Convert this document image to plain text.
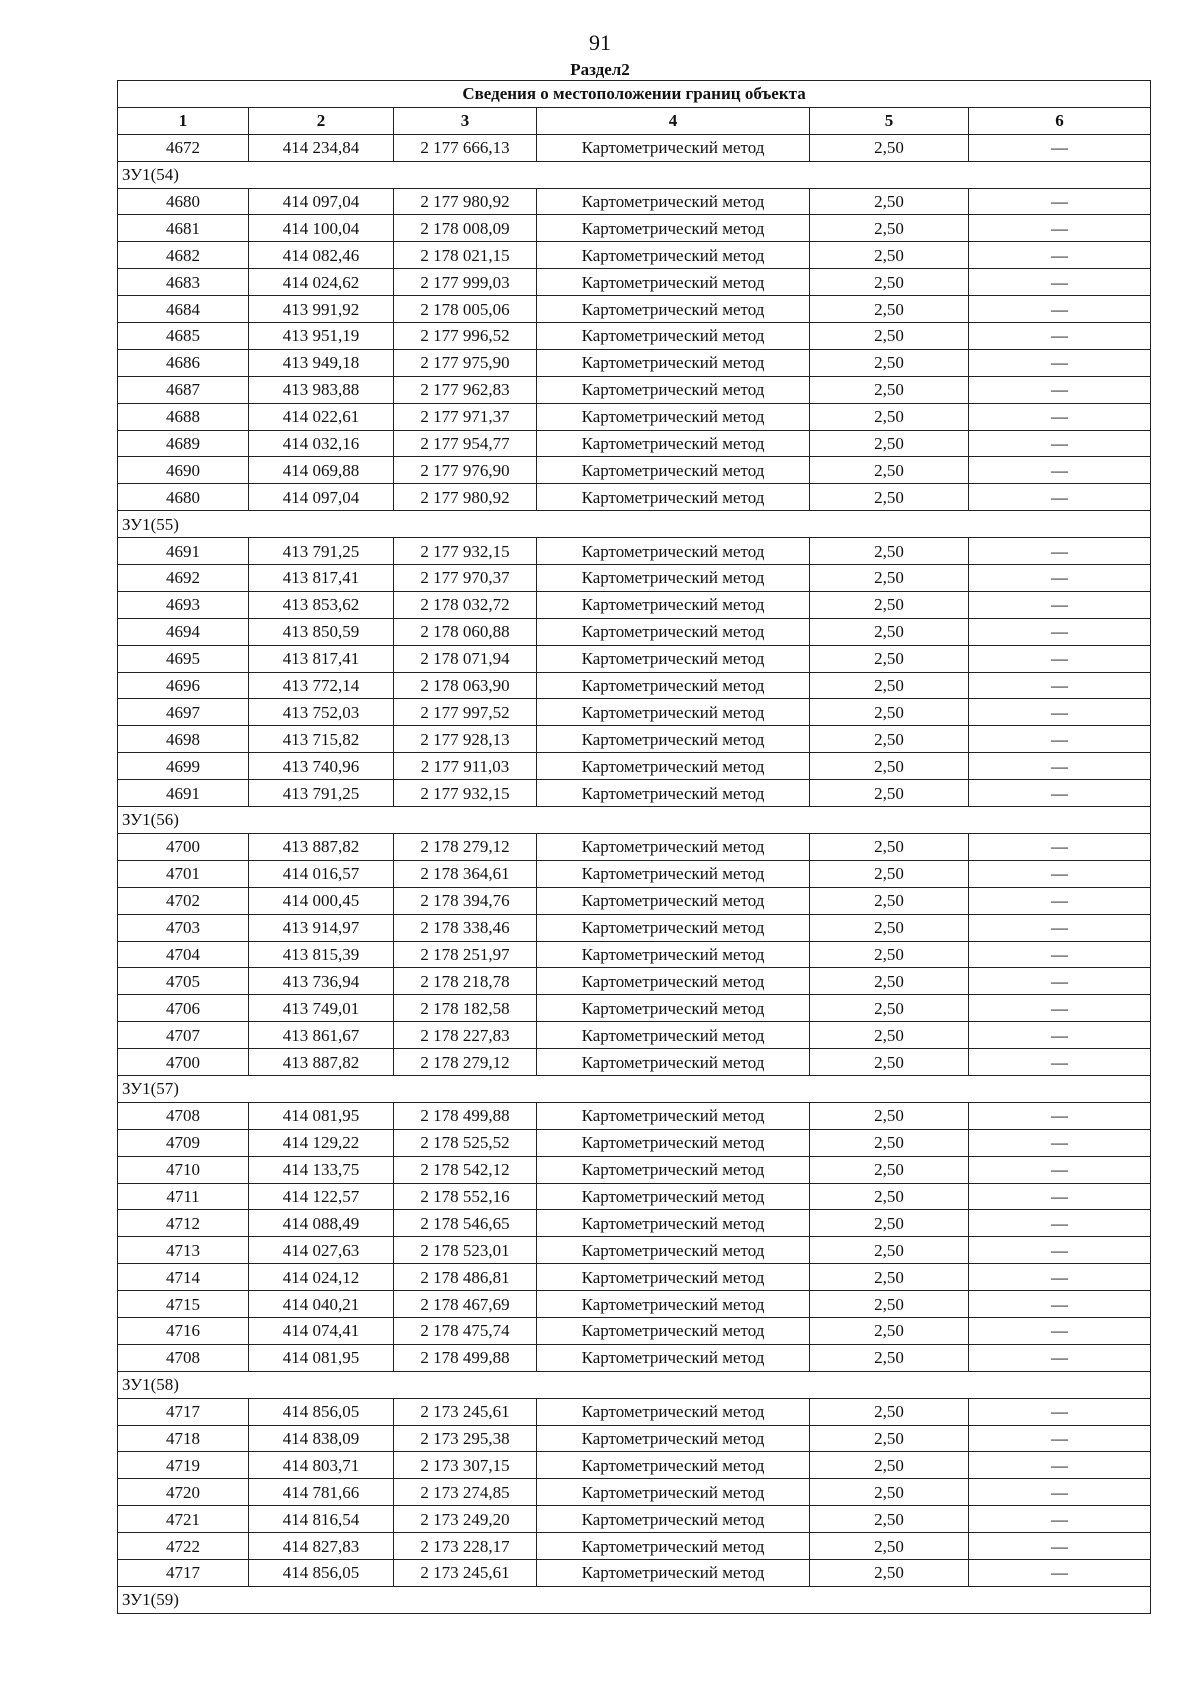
91
Раздел2
Сведения о местоположении границ объекта					
1	2	3	4	5	6
4672	414 234,84	2 177 666,13	Картометрический метод	2,50	—
ЗУ1(54)					
4680	414 097,04	2 177 980,92	Картометрический метод	2,50	—
4681	414 100,04	2 178 008,09	Картометрический метод	2,50	—
4682	414 082,46	2 178 021,15	Картометрический метод	2,50	—
4683	414 024,62	2 177 999,03	Картометрический метод	2,50	—
4684	413 991,92	2 178 005,06	Картометрический метод	2,50	—
4685	413 951,19	2 177 996,52	Картометрический метод	2,50	—
4686	413 949,18	2 177 975,90	Картометрический метод	2,50	—
4687	413 983,88	2 177 962,83	Картометрический метод	2,50	—
4688	414 022,61	2 177 971,37	Картометрический метод	2,50	—
4689	414 032,16	2 177 954,77	Картометрический метод	2,50	—
4690	414 069,88	2 177 976,90	Картометрический метод	2,50	—
4680	414 097,04	2 177 980,92	Картометрический метод	2,50	—
ЗУ1(55)					
4691	413 791,25	2 177 932,15	Картометрический метод	2,50	—
4692	413 817,41	2 177 970,37	Картометрический метод	2,50	—
4693	413 853,62	2 178 032,72	Картометрический метод	2,50	—
4694	413 850,59	2 178 060,88	Картометрический метод	2,50	—
4695	413 817,41	2 178 071,94	Картометрический метод	2,50	—
4696	413 772,14	2 178 063,90	Картометрический метод	2,50	—
4697	413 752,03	2 177 997,52	Картометрический метод	2,50	—
4698	413 715,82	2 177 928,13	Картометрический метод	2,50	—
4699	413 740,96	2 177 911,03	Картометрический метод	2,50	—
4691	413 791,25	2 177 932,15	Картометрический метод	2,50	—
ЗУ1(56)					
4700	413 887,82	2 178 279,12	Картометрический метод	2,50	—
4701	414 016,57	2 178 364,61	Картометрический метод	2,50	—
4702	414 000,45	2 178 394,76	Картометрический метод	2,50	—
4703	413 914,97	2 178 338,46	Картометрический метод	2,50	—
4704	413 815,39	2 178 251,97	Картометрический метод	2,50	—
4705	413 736,94	2 178 218,78	Картометрический метод	2,50	—
4706	413 749,01	2 178 182,58	Картометрический метод	2,50	—
4707	413 861,67	2 178 227,83	Картометрический метод	2,50	—
4700	413 887,82	2 178 279,12	Картометрический метод	2,50	—
ЗУ1(57)					
4708	414 081,95	2 178 499,88	Картометрический метод	2,50	—
4709	414 129,22	2 178 525,52	Картометрический метод	2,50	—
4710	414 133,75	2 178 542,12	Картометрический метод	2,50	—
4711	414 122,57	2 178 552,16	Картометрический метод	2,50	—
4712	414 088,49	2 178 546,65	Картометрический метод	2,50	—
4713	414 027,63	2 178 523,01	Картометрический метод	2,50	—
4714	414 024,12	2 178 486,81	Картометрический метод	2,50	—
4715	414 040,21	2 178 467,69	Картометрический метод	2,50	—
4716	414 074,41	2 178 475,74	Картометрический метод	2,50	—
4708	414 081,95	2 178 499,88	Картометрический метод	2,50	—
ЗУ1(58)					
4717	414 856,05	2 173 245,61	Картометрический метод	2,50	—
4718	414 838,09	2 173 295,38	Картометрический метод	2,50	—
4719	414 803,71	2 173 307,15	Картометрический метод	2,50	—
4720	414 781,66	2 173 274,85	Картометрический метод	2,50	—
4721	414 816,54	2 173 249,20	Картометрический метод	2,50	—
4722	414 827,83	2 173 228,17	Картометрический метод	2,50	—
4717	414 856,05	2 173 245,61	Картометрический метод	2,50	—
ЗУ1(59)					
